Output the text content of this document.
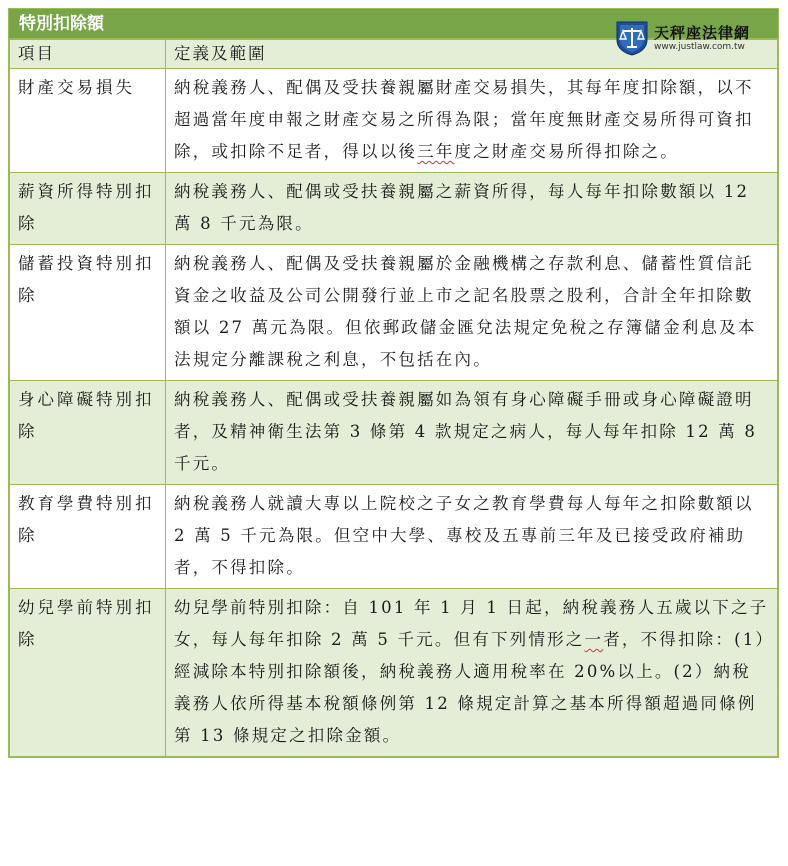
特別扣除額	天秤座法律網
www.justlaw.com.tw
項目	定義及範圍
財產交易損失	納稅義務人、配偶及受扶養親屬財產交易損失，其每年度扣除額，以不超過當年度申報之財產交易之所得為限；當年度無財產交易所得可資扣除，或扣除不足者，得以以後三年度之財產交易所得扣除之。
薪資所得特別扣除	納稅義務人、配偶或受扶養親屬之薪資所得，每人每年扣除數額以 12 萬 8 千元為限。
儲蓄投資特別扣除	納稅義務人、配偶及受扶養親屬於金融機構之存款利息、儲蓄性質信託資金之收益及公司公開發行並上市之記名股票之股利，合計全年扣除數額以 27 萬元為限。但依郵政儲金匯兌法規定免稅之存簿儲金利息及本法規定分離課稅之利息，不包括在內。
身心障礙特別扣除	納稅義務人、配偶或受扶養親屬如為領有身心障礙手冊或身心障礙證明者，及精神衛生法第 3 條第 4 款規定之病人，每人每年扣除 12 萬 8 千元。
教育學費特別扣除	納稅義務人就讀大專以上院校之子女之教育學費每人每年之扣除數額以 2 萬 5 千元為限。但空中大學、專校及五專前三年及已接受政府補助者，不得扣除。
幼兒學前特別扣除	幼兒學前特別扣除：自 101 年 1 月 1 日起，納稅義務人五歲以下之子女，每人每年扣除 2 萬 5 千元。但有下列情形之一者，不得扣除：(1）經減除本特別扣除額後，納稅義務人適用稅率在 20%以上。(2）納稅義務人依所得基本稅額條例第 12 條規定計算之基本所得額超過同條例第 13 條規定之扣除金額。
